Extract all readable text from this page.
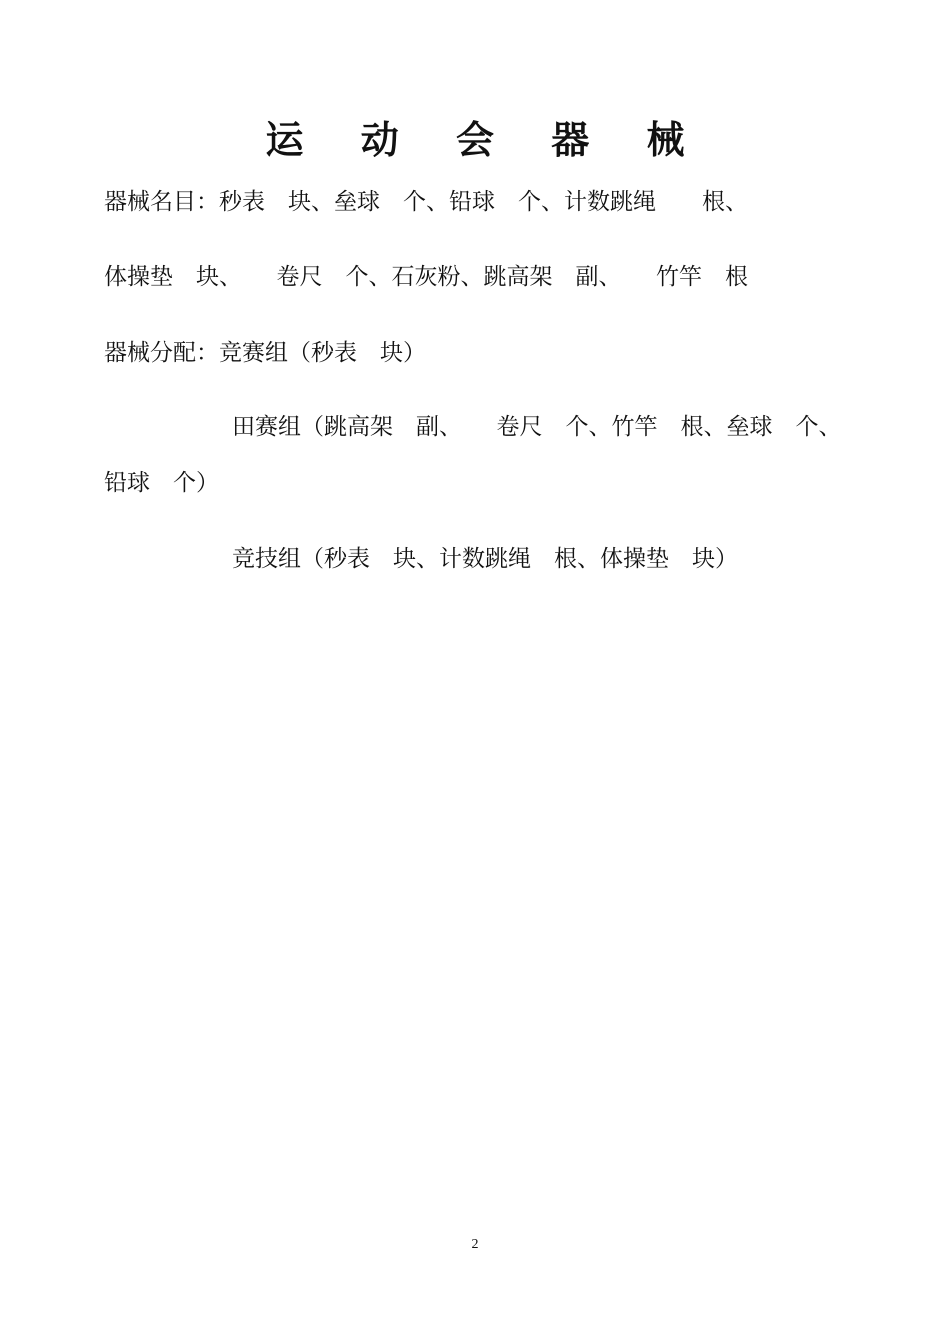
运 动 会 器 械

器械名目：秒表　块、垒球　个、铅球　个、计数跳绳　　根、

体操垫　块、　　卷尺　个、石灰粉、跳高架　副、　　竹竿　根

器械分配：竞赛组（秒表　块）

田赛组（跳高架　副、　　卷尺　个、竹竿　根、垒球　个、

铅球　个）

竞技组（秒表　块、计数跳绳　根、体操垫　块）

2
